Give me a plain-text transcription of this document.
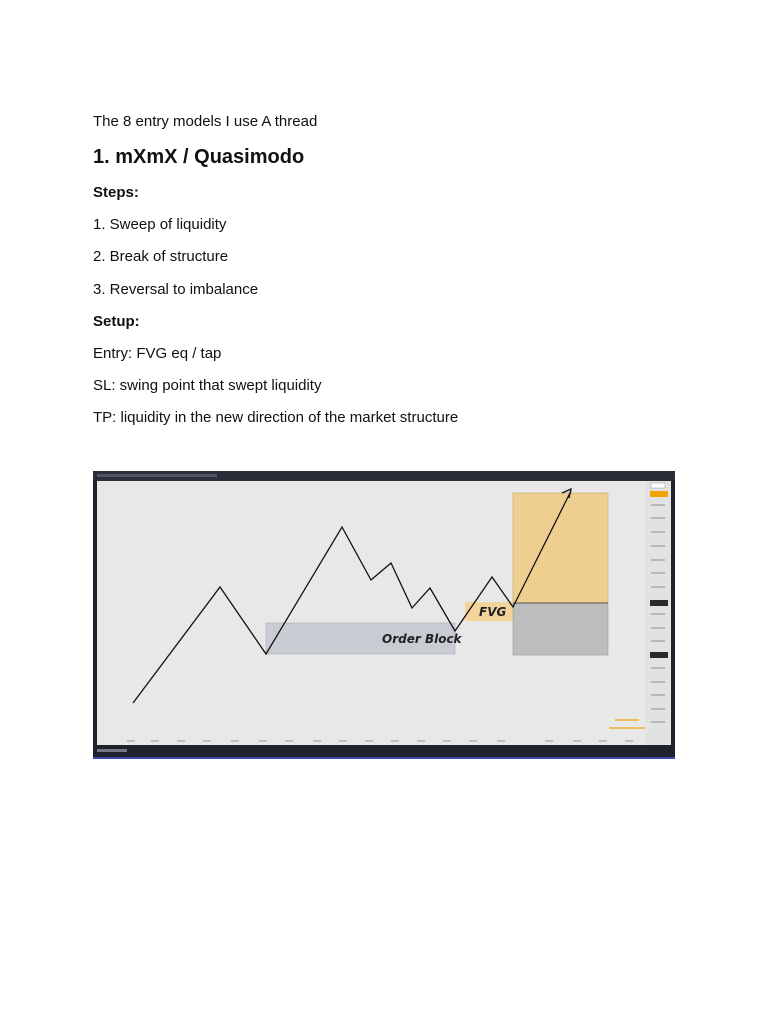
The 8 entry models I use A thread
1. mXmX / Quasimodo
Steps:
1. Sweep of liquidity
2. Break of structure
3. Reversal to imbalance
Setup:
Entry: FVG eq / tap
SL: swing point that swept liquidity
TP: liquidity in the new direction of the market structure
Order Block
FVG
